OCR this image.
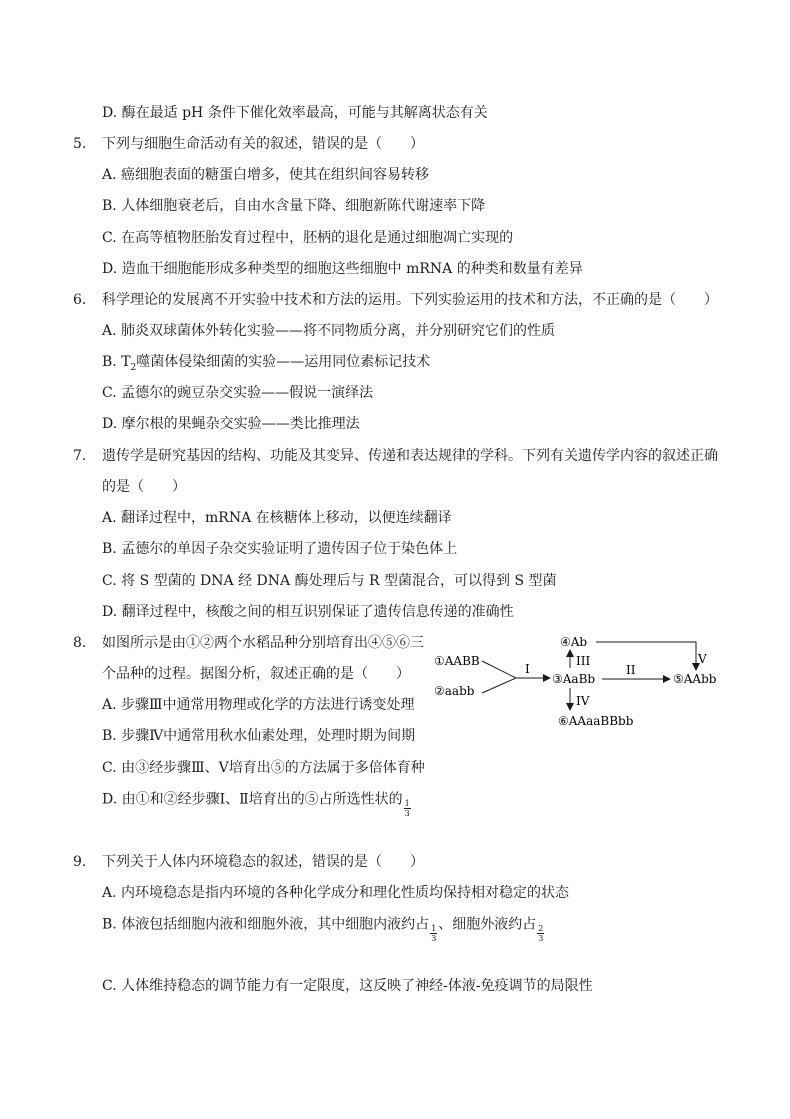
D. 酶在最适 pH 条件下催化效率最高，可能与其解离状态有关
5. 下列与细胞生命活动有关的叙述，错误的是（　　）
A. 癌细胞表面的糖蛋白增多，使其在组织间容易转移
B. 人体细胞衰老后，自由水含量下降、细胞新陈代谢速率下降
C. 在高等植物胚胎发育过程中，胚柄的退化是通过细胞凋亡实现的
D. 造血干细胞能形成多种类型的细胞这些细胞中 mRNA 的种类和数量有差异
6. 科学理论的发展离不开实验中技术和方法的运用。下列实验运用的技术和方法，不正确的是（　　）
A. 肺炎双球菌体外转化实验——将不同物质分离，并分别研究它们的性质
B. $T_2$噬菌体侵染细菌的实验——运用同位素标记技术
C. 孟德尔的豌豆杂交实验——假说一演绎法
D. 摩尔根的果蝇杂交实验——类比推理法
7. 遗传学是研究基因的结构、功能及其变异、传递和表达规律的学科。下列有关遗传学内容的叙述正确
的是（　　）
A. 翻译过程中，mRNA 在核糖体上移动，以便连续翻译
B. 孟德尔的单因子杂交实验证明了遗传因子位于染色体上
C. 将 S 型菌的 DNA 经 DNA 酶处理后与 R 型菌混合，可以得到 S 型菌
D. 翻译过程中，核酸之间的相互识别保证了遗传信息传递的准确性
8. 如图所示是由①②两个水稻品种分别培育出④⑤⑥三
个品种的过程。据图分析，叙述正确的是（　　）
A. 步骤Ⅲ中通常用物理或化学的方法进行诱变处理
B. 步骤Ⅳ中通常用秋水仙素处理，处理时期为间期
C. 由③经步骤Ⅲ、Ⅴ培育出⑤的方法属于多倍体育种
D. 由①和②经步骤Ⅰ、Ⅱ培育出的⑤占所选性状的 $\frac{1}{3}$
①AABB
②aabb
I
③AaBb
III
④Ab
V
II
⑤AAbb
IV
⑥AAaaBBbb
9. 下列关于人体内环境稳态的叙述，错误的是（　　）
A. 内环境稳态是指内环境的各种化学成分和理化性质均保持相对稳定的状态
B. 体液包括细胞内液和细胞外液，其中细胞内液约占 $\frac{1}{3}$ 、细胞外液约占 $\frac{2}{3}$
C. 人体维持稳态的调节能力有一定限度，这反映了神经-体液-免疫调节的局限性
